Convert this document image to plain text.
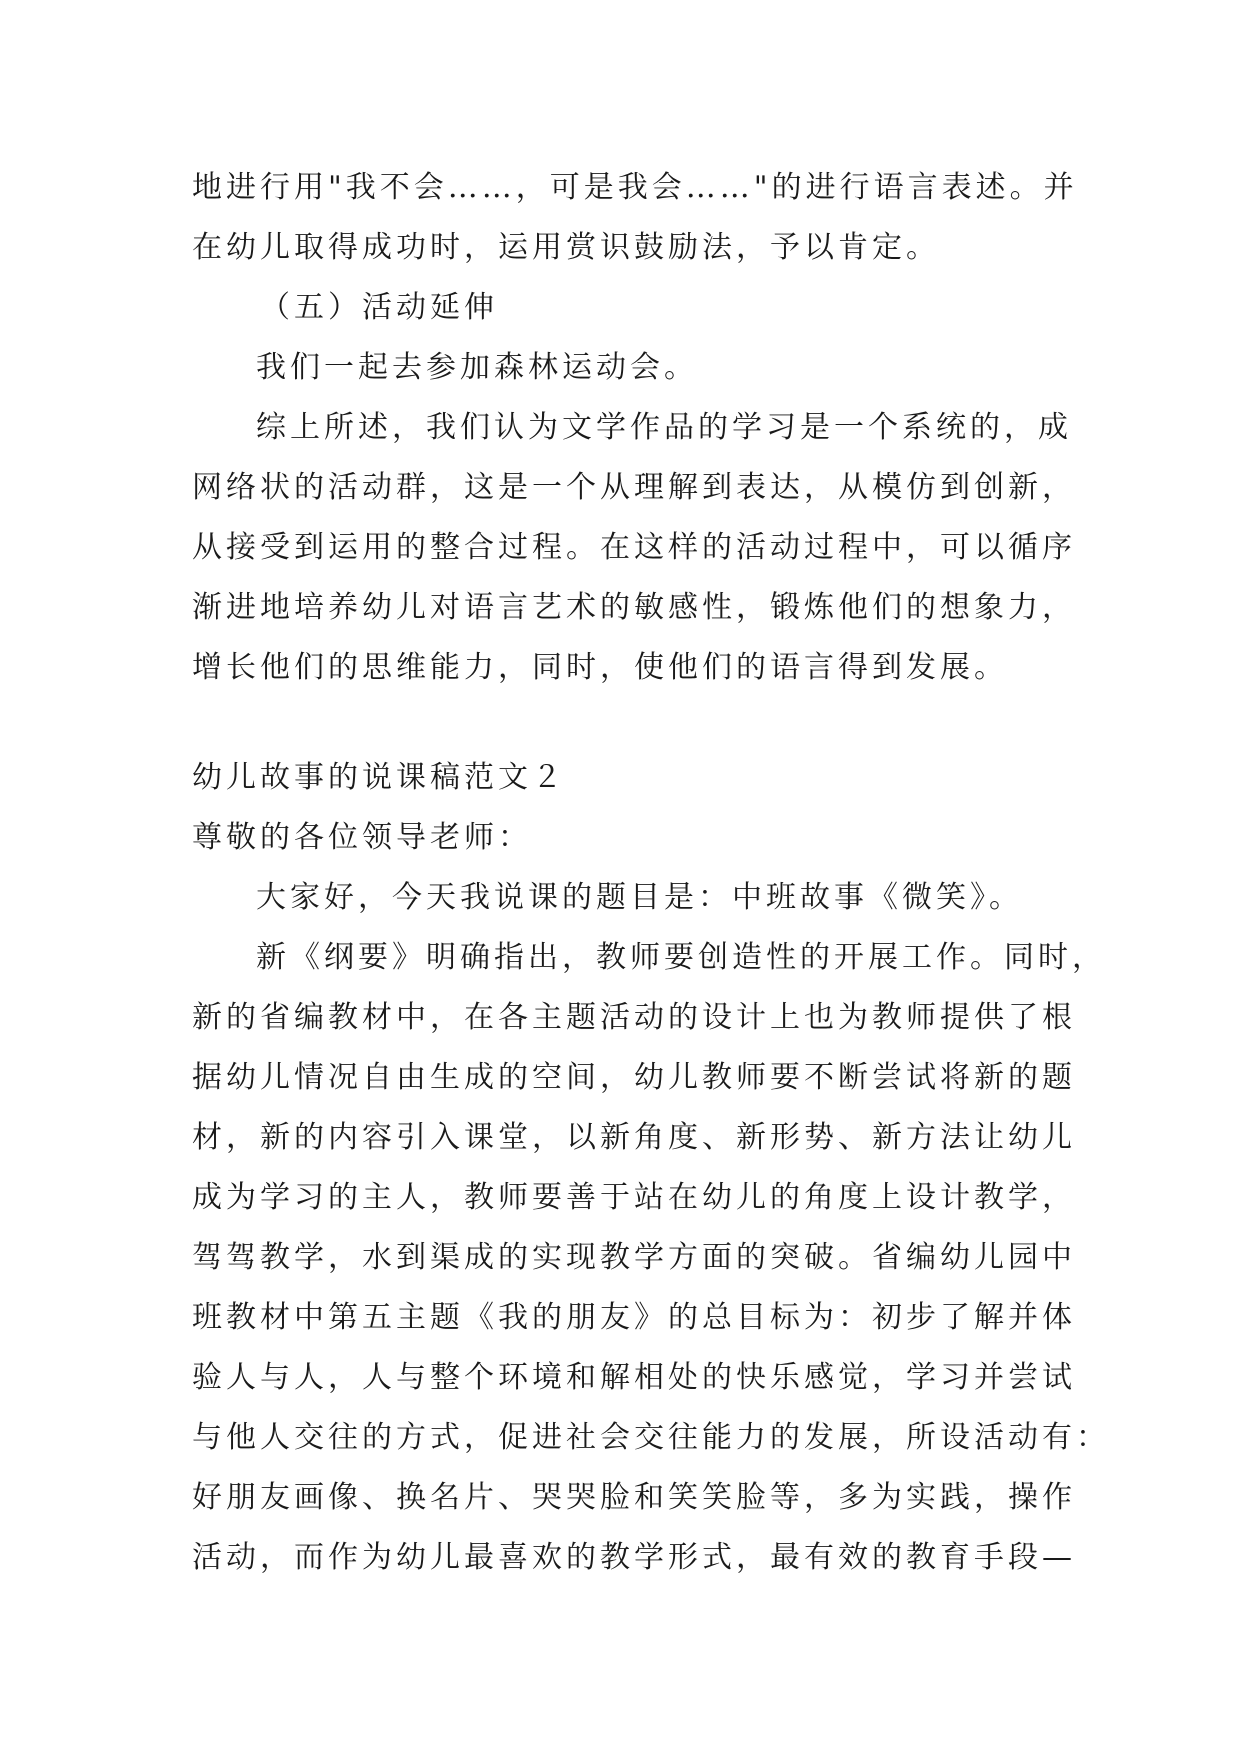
地进行用"我不会……，可是我会……"的进行语言表述。并
在幼儿取得成功时，运用赏识鼓励法，予以肯定。
（五）活动延伸
我们一起去参加森林运动会。
综上所述，我们认为文学作品的学习是一个系统的，成
网络状的活动群，这是一个从理解到表达，从模仿到创新，
从接受到运用的整合过程。在这样的活动过程中，可以循序
渐进地培养幼儿对语言艺术的敏感性，锻炼他们的想象力，
增长他们的思维能力，同时，使他们的语言得到发展。
幼儿故事的说课稿范文２
尊敬的各位领导老师：
大家好，今天我说课的题目是：中班故事《微笑》。
新《纲要》明确指出，教师要创造性的开展工作。同时，
新的省编教材中，在各主题活动的设计上也为教师提供了根
据幼儿情况自由生成的空间，幼儿教师要不断尝试将新的题
材，新的内容引入课堂，以新角度、新形势、新方法让幼儿
成为学习的主人，教师要善于站在幼儿的角度上设计教学，
驾驾教学，水到渠成的实现教学方面的突破。省编幼儿园中
班教材中第五主题《我的朋友》的总目标为：初步了解并体
验人与人，人与整个环境和解相处的快乐感觉，学习并尝试
与他人交往的方式，促进社会交往能力的发展，所设活动有：
好朋友画像、换名片、哭哭脸和笑笑脸等，多为实践，操作
活动，而作为幼儿最喜欢的教学形式，最有效的教育手段—
